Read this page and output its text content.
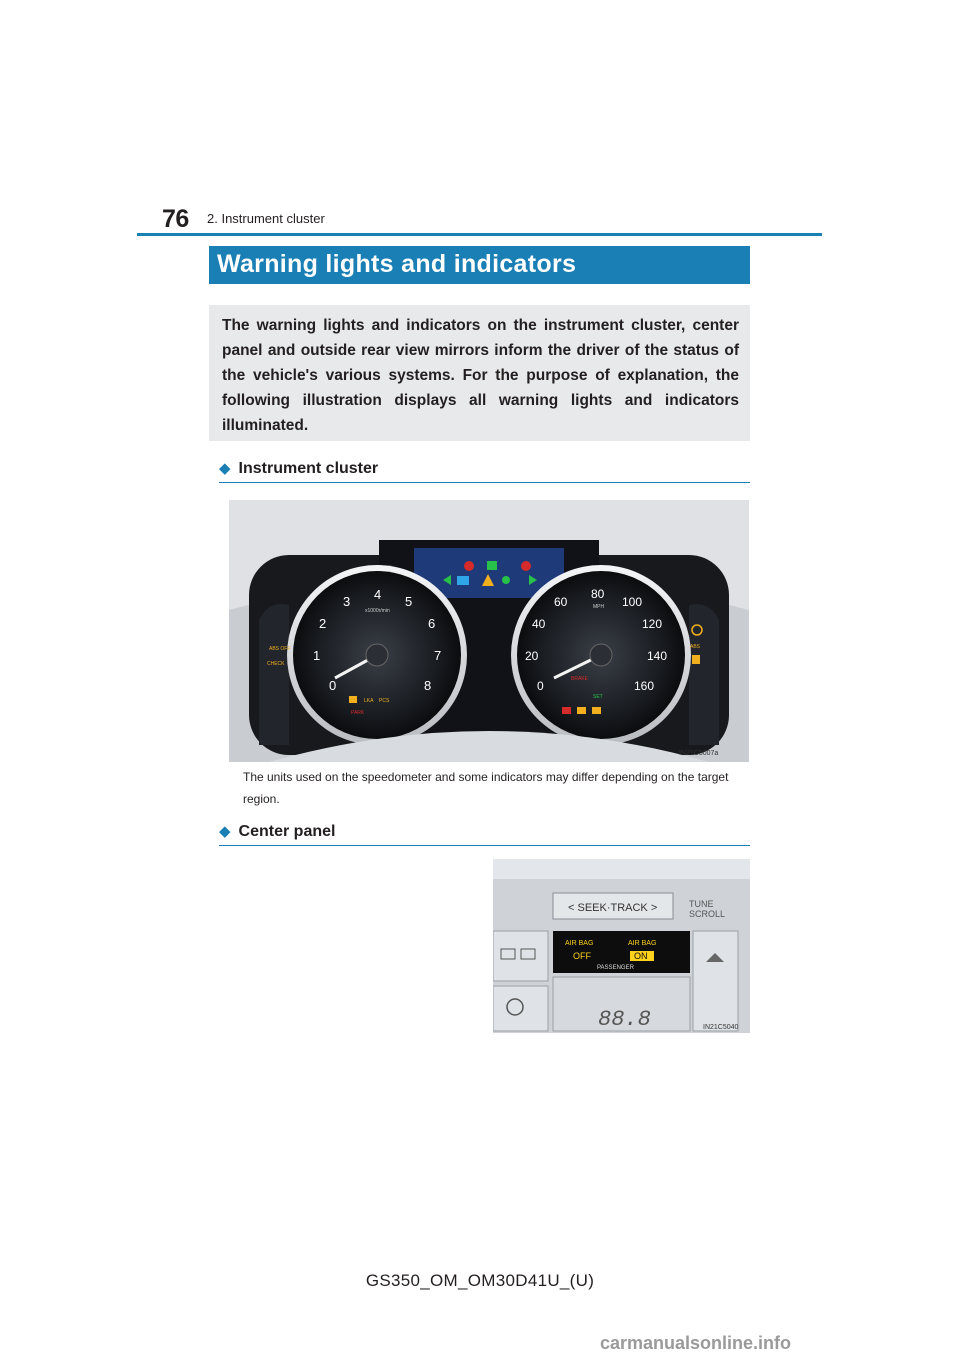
76 2. Instrument cluster
Warning lights and indicators

The warning lights and indicators on the instrument cluster, center panel and outside rear view mirrors inform the driver of the status of the vehicle's various systems. For the purpose of explanation, the following illustration displays all warning lights and indicators illuminated.

◆ Instrument cluster
0
1
2
3 4 5
6
7
8
x1000r/min
0
20
40
60
80
100
120
140
160
MPH
ABS OFF
CHECK
ABS
LKA PCS
PARK
BRAKE
SET
IN21C5007a
The units used on the speedometer and some indicators may differ depending on the target region.
◆ Center panel
< SEEK·TRACK >	TUNE
SCROLL
AIR BAG	AIR BAG
OFF	ON
PASSENGER
88.8	IN21C5040
GS350_OM_OM30D41U_(U)
carmanualsonline.info
